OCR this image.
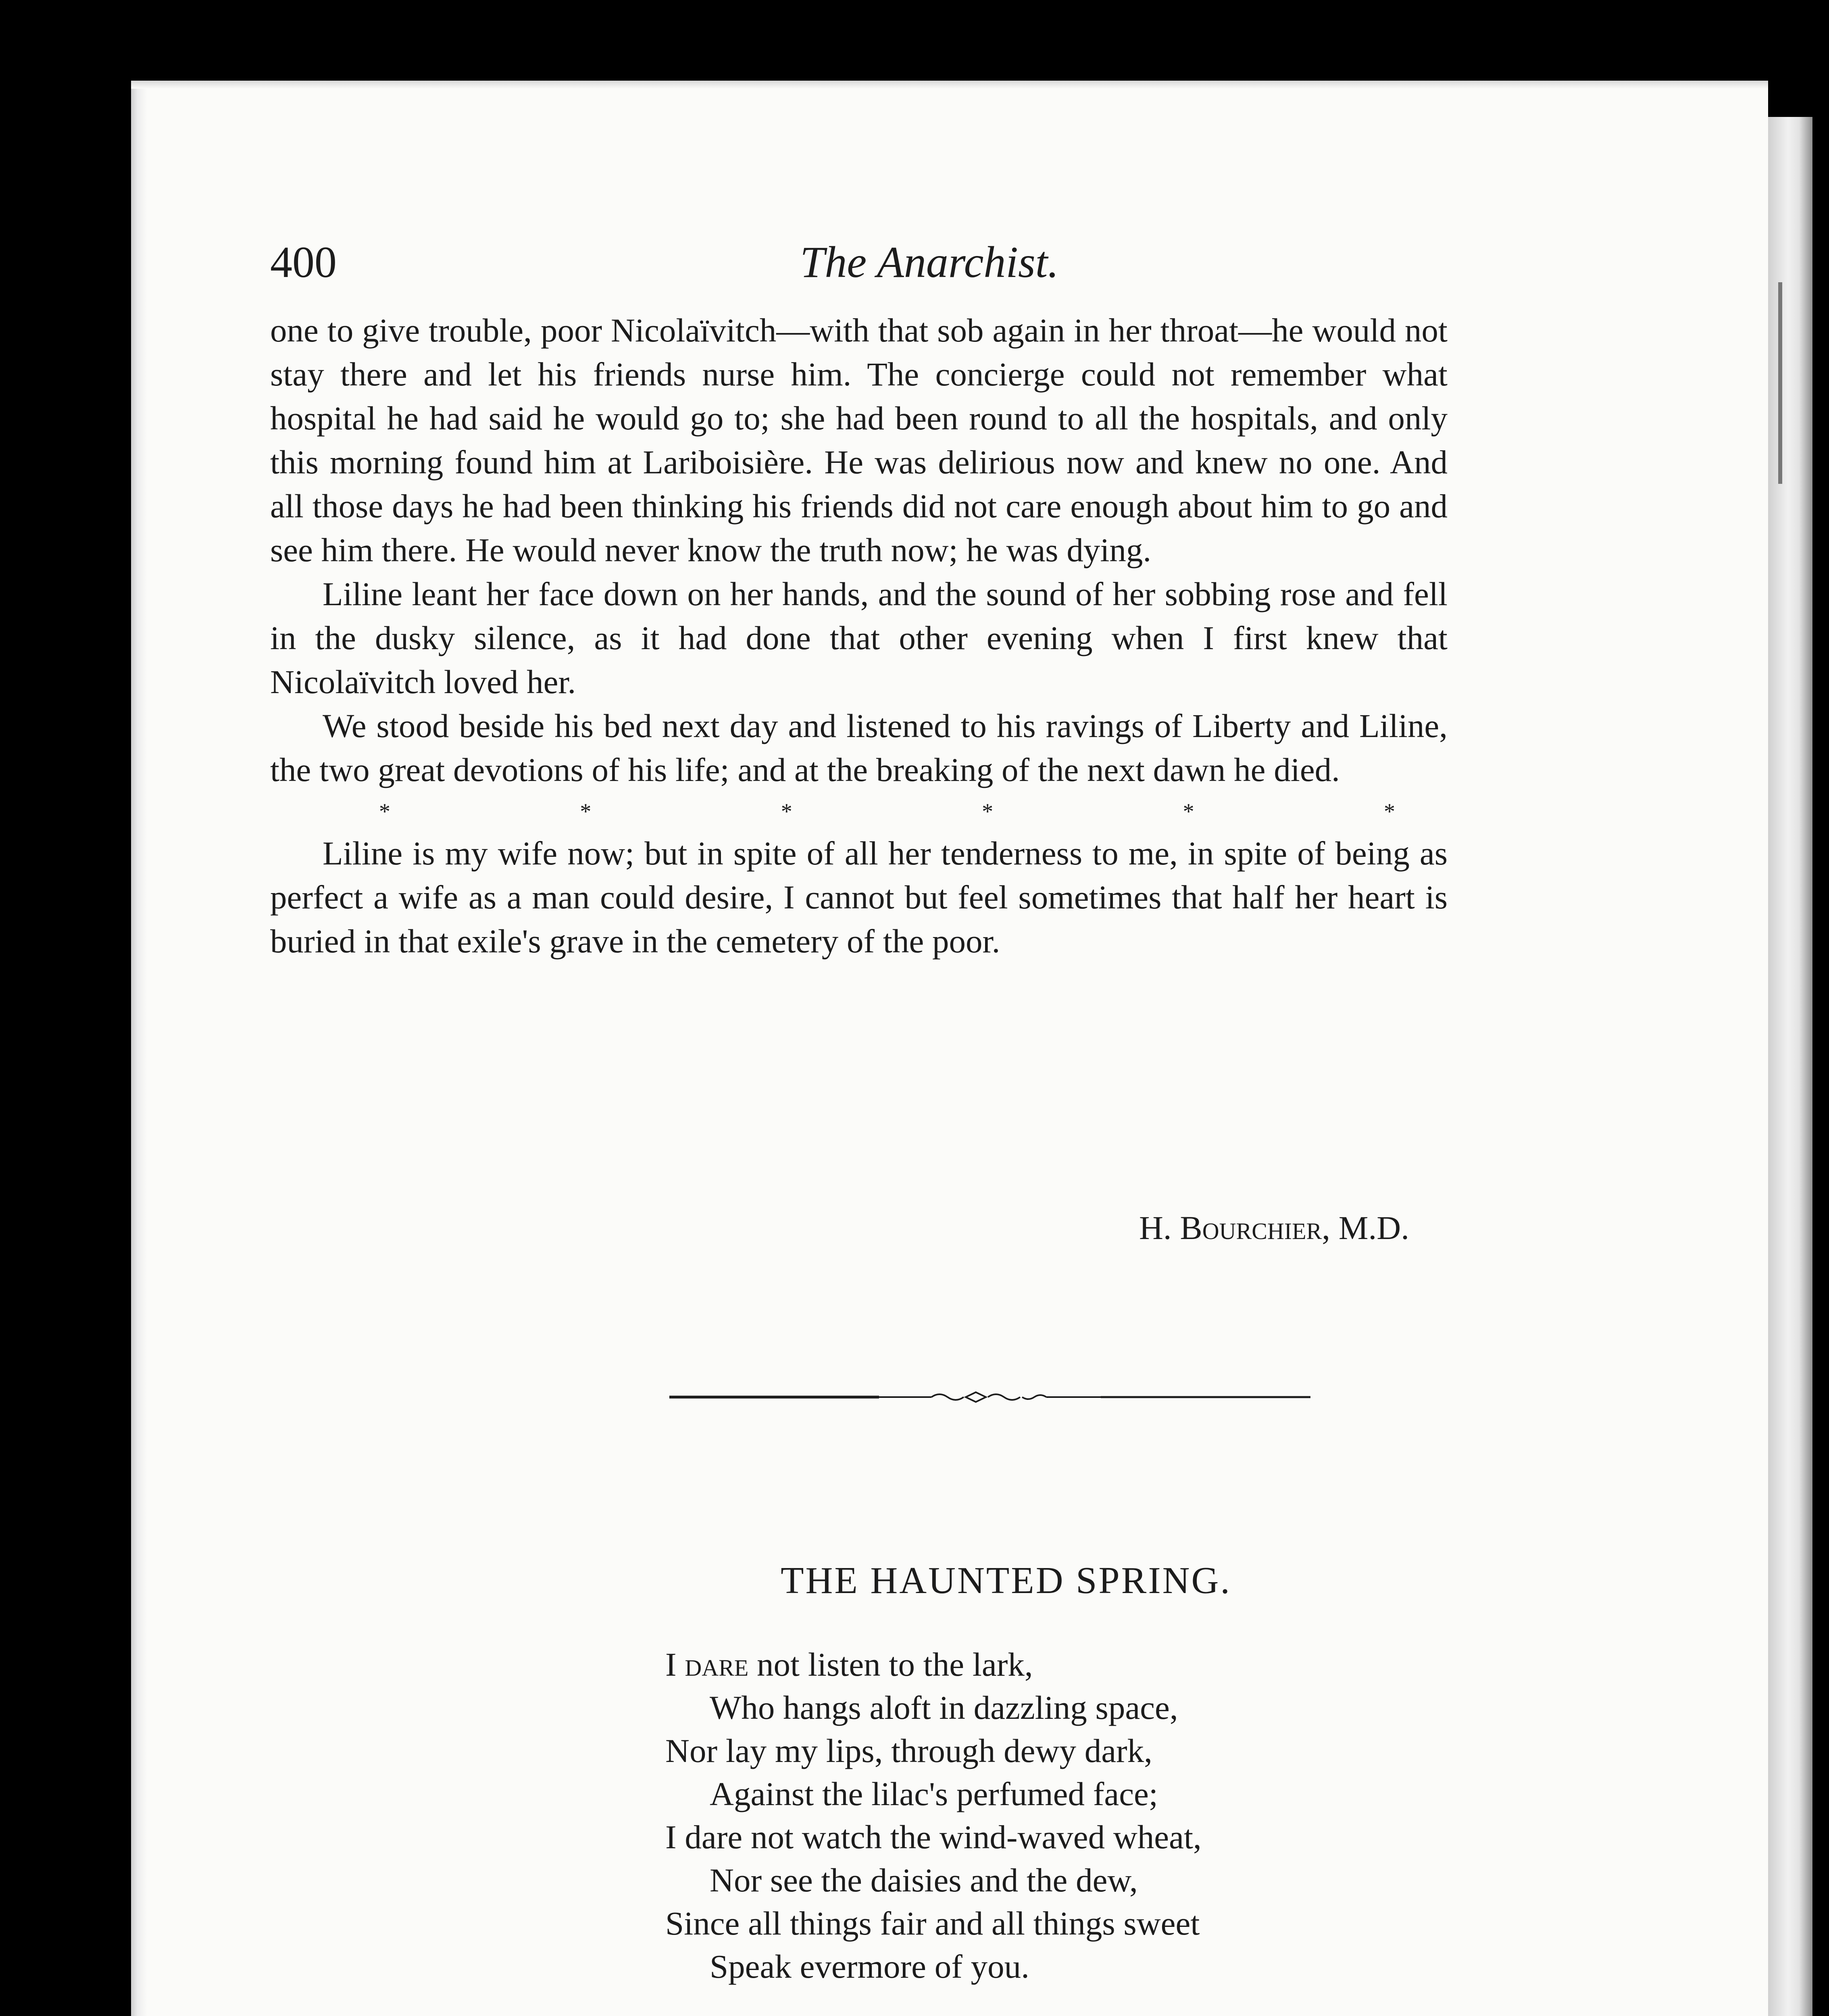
400	The Anarchist.

one to give trouble, poor Nicolaïvitch—with that sob again in her throat—he would not stay there and let his friends nurse him. The concierge could not remember what hospital he had said he would go to; she had been round to all the hospitals, and only this morning found him at Lariboisière. He was delirious now and knew no one. And all those days he had been thinking his friends did not care enough about him to go and see him there. He would never know the truth now; he was dying.

Liline leant her face down on her hands, and the sound of her sobbing rose and fell in the dusky silence, as it had done that other evening when I first knew that Nicolaïvitch loved her.

We stood beside his bed next day and listened to his ravings of Liberty and Liline, the two great devotions of his life; and at the breaking of the next dawn he died.

*	*	*	*	*	*

Liline is my wife now; but in spite of all her tenderness to me, in spite of being as perfect a wife as a man could desire, I cannot but feel sometimes that half her heart is buried in that exile's grave in the cemetery of the poor.

H. Bourchier, M.D.
THE HAUNTED SPRING.
I dare not listen to the lark,
Who hangs aloft in dazzling space,
Nor lay my lips, through dewy dark,
Against the lilac's perfumed face;
I dare not watch the wind-waved wheat,
Nor see the daisies and the dew,
Since all things fair and all things sweet
Speak evermore of you.
